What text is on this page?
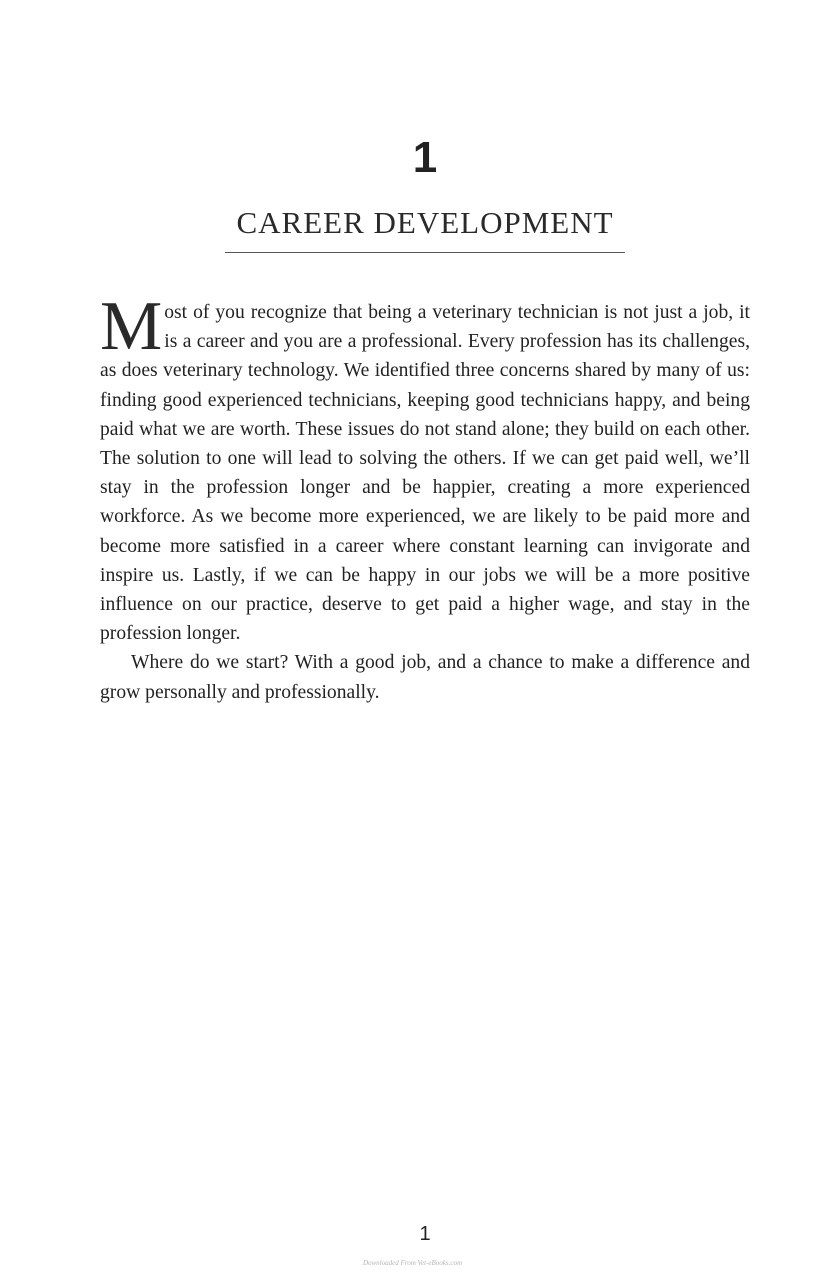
1
CAREER DEVELOPMENT

Most of you recognize that being a veterinary technician is not just a job, it is a career and you are a professional. Every profession has its challenges, as does veterinary technology. We identified three concerns shared by many of us: finding good experienced technicians, keeping good technicians happy, and being paid what we are worth. These issues do not stand alone; they build on each other. The solution to one will lead to solving the others. If we can get paid well, we’ll stay in the profession longer and be happier, creating a more experienced workforce. As we become more experienced, we are likely to be paid more and become more satisfied in a career where constant learning can invigorate and inspire us. Lastly, if we can be happy in our jobs we will be a more positive influence on our practice, deserve to get paid a higher wage, and stay in the profession longer.

Where do we start? With a good job, and a chance to make a difference and grow personally and professionally.

1
Downloaded From Vet-eBooks.com
